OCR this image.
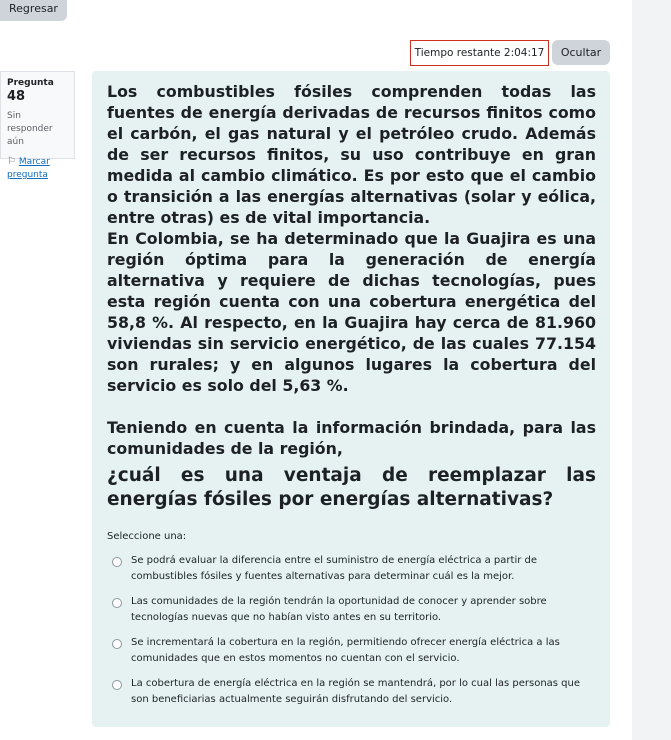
Regresar
Tiempo restante 2:04:17	Ocultar
Pregunta 48
Sin responder aún
⚐ Marcar pregunta

Los combustibles fósiles comprenden todas las fuentes de energía derivadas de recursos finitos como el carbón, el gas natural y el petróleo crudo. Además de ser recursos finitos, su uso contribuye en gran medida al cambio climático. Es por esto que el cambio o transición a las energías alternativas (solar y eólica, entre otras) es de vital importancia.

En Colombia, se ha determinado que la Guajira es una región óptima para la generación de energía alternativa y requiere de dichas tecnologías, pues esta región cuenta con una cobertura energética del 58,8 %. Al respecto, en la Guajira hay cerca de 81.960 viviendas sin servicio energético, de las cuales 77.154 son rurales; y en algunos lugares la cobertura del servicio es solo del 5,63 %.

Teniendo en cuenta la información brindada, para las comunidades de la región,

¿cuál es una ventaja de reemplazar las energías fósiles por energías alternativas?

Seleccione una:
Se podrá evaluar la diferencia entre el suministro de energía eléctrica a partir de combustibles fósiles y fuentes alternativas para determinar cuál es la mejor.
Las comunidades de la región tendrán la oportunidad de conocer y aprender sobre tecnologías nuevas que no habían visto antes en su territorio.
Se incrementará la cobertura en la región, permitiendo ofrecer energía eléctrica a las comunidades que en estos momentos no cuentan con el servicio.
La cobertura de energía eléctrica en la región se mantendrá, por lo cual las personas que son beneficiarias actualmente seguirán disfrutando del servicio.
